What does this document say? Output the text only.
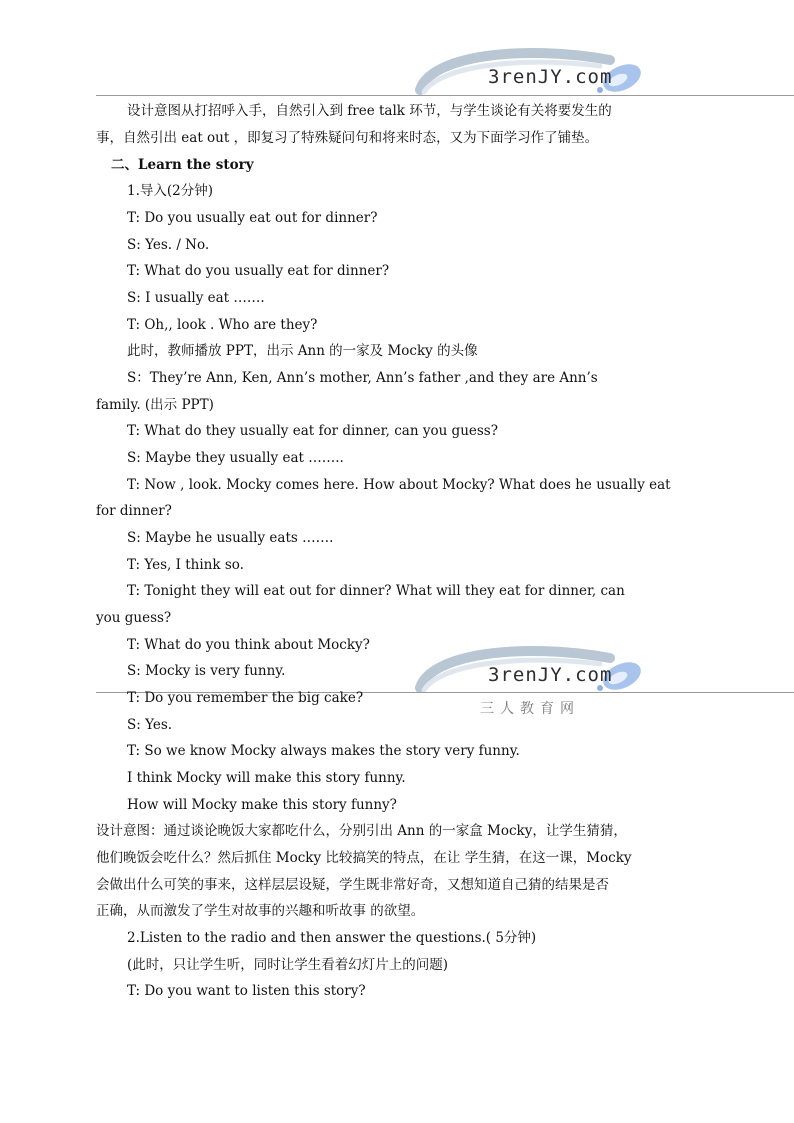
3renJY.com
3renJY.com
三人教育网
设计意图从打招呼入手，自然引入到 free talk 环节，与学生谈论有关将要发生的
事，自然引出 eat out ，即复习了特殊疑问句和将来时态，又为下面学习作了铺垫。
二、Learn the story
1.导入(2分钟)
T: Do you usually eat out for dinner?
S: Yes. / No.
T: What do you usually eat for dinner?
S: I usually eat …….
T: Oh,, look . Who are they?
此时，教师播放 PPT，出示 Ann 的一家及 Mocky 的头像
S：They’re Ann, Ken, Ann’s mother, Ann’s father ,and they are Ann’s
family. (出示 PPT)
T: What do they usually eat for dinner, can you guess?
S: Maybe they usually eat ……..
T: Now , look. Mocky comes here. How about Mocky? What does he usually eat
for dinner?
S: Maybe he usually eats …….
T: Yes, I think so.
T: Tonight they will eat out for dinner? What will they eat for dinner, can
you guess?
T: What do you think about Mocky?
S: Mocky is very funny.
T: Do you remember the big cake?
S: Yes.
T: So we know Mocky always makes the story very funny.
I think Mocky will make this story funny.
How will Mocky make this story funny?
设计意图：通过谈论晚饭大家都吃什么，分别引出 Ann 的一家盒 Mocky，让学生猜猜，
他们晚饭会吃什么？然后抓住 Mocky 比较搞笑的特点，在让 学生猜，在这一课，Mocky
会做出什么可笑的事来，这样层层设疑，学生既非常好奇，又想知道自己猜的结果是否
正确，从而激发了学生对故事的兴趣和听故事 的欲望。
2.Listen to the radio and then answer the questions.( 5分钟)
(此时，只让学生听，同时让学生看着幻灯片上的问题)
T: Do you want to listen this story?
